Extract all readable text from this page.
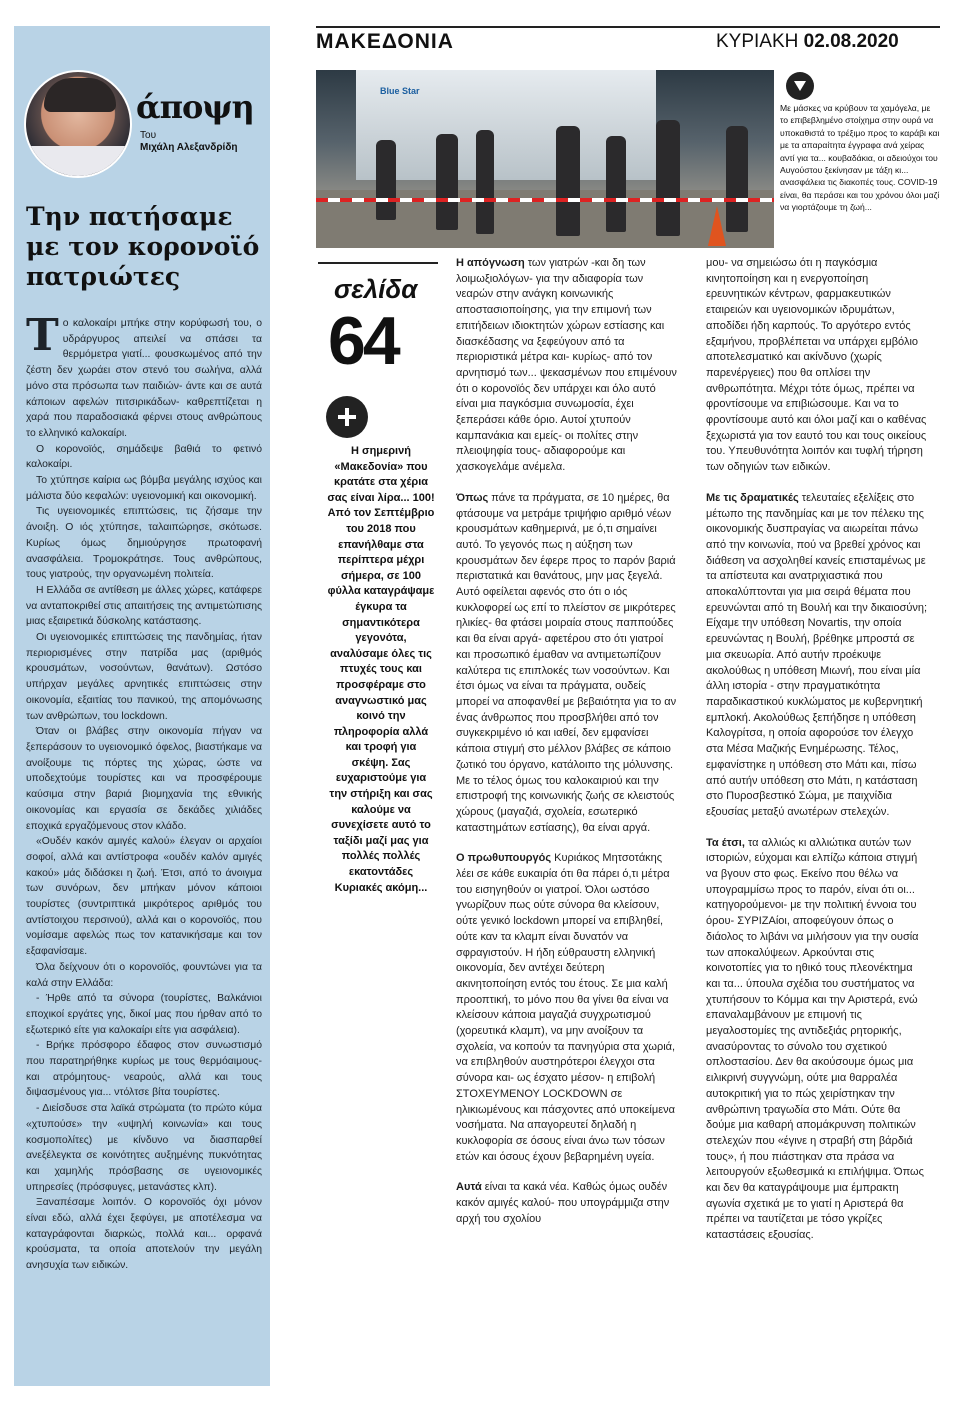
άποψη
Του
Μιχάλη Αλεξανδρίδη
Την πατήσαμε με τον κορονοϊό πατριώτες

Το καλοκαίρι μπήκε στην κορύφωσή του, ο υδράργυρος απειλεί να σπάσει τα θερμόμετρα γιατί... φουσκωμένος από την ζέστη δεν χωράει στον στενό του σωλήνα, αλλά μόνο στα πρόσωπα των παιδιών- άντε και σε αυτά κάποιων αφελών πιτσιρικάδων- καθρεπτίζεται η χαρά που παραδοσιακά φέρνει στους ανθρώπους το ελληνικό καλοκαίρι.

Ο κορονοϊός, σημάδεψε βαθιά το φετινό καλοκαίρι.

Το χτύπησε καίρια ως βόμβα μεγάλης ισχύος και μάλιστα δύο κεφαλών: υγειονομική και οικονομική.

Τις υγειονομικές επιπτώσεις, τις ζήσαμε την άνοιξη. Ο ιός χτύπησε, ταλαιπώρησε, σκότωσε. Κυρίως όμως δημιούργησε πρωτοφανή ανασφάλεια. Τρομοκράτησε. Τους ανθρώπους, τους γιατρούς, την οργανωμένη πολιτεία.

Η Ελλάδα σε αντίθεση με άλλες χώρες, κατάφερε να ανταποκριθεί στις απαιτήσεις της αντιμετώπισης μιας εξαιρετικά δύσκολης κατάστασης.

Οι υγειονομικές επιπτώσεις της πανδημίας, ήταν περιορισμένες στην πατρίδα μας (αριθμός κρουσμάτων, νοσούντων, θανάτων). Ωστόσο υπήρχαν μεγάλες αρνητικές επιπτώσεις στην οικονομία, εξαιτίας του πανικού, της απομόνωσης των ανθρώπων, του lockdown.

Όταν οι βλάβες στην οικονομία πήγαν να ξεπεράσουν το υγειονομικό όφελος, βιαστήκαμε να ανοίξουμε τις πόρτες της χώρας, ώστε να υποδεχτούμε τουρίστες και να προσφέρουμε καύσιμα στην βαριά βιομηχανία της εθνικής οικονομίας και εργασία σε δεκάδες χιλιάδες εποχικά εργαζόμενους στον κλάδο.

«Ουδέν κακόν αμιγές καλού» έλεγαν οι αρχαίοι σοφοί, αλλά και αντίστροφα «ουδέν καλόν αμιγές κακού» μάς διδάσκει η ζωή. Έτσι, από το άνοιγμα των συνόρων, δεν μπήκαν μόνον κάποιοι τουρίστες (συντριπτικά μικρότερος αριθμός του αντίστοιχου περσινού), αλλά και ο κορονοϊός, που νομίσαμε αφελώς πως τον κατανικήσαμε και τον εξαφανίσαμε.

Όλα δείχνουν ότι ο κορονοϊός, φουντώνει για τα καλά στην Ελλάδα:

- Ήρθε από τα σύνορα (τουρίστες, Βαλκάνιοι εποχικοί εργάτες γης, δικοί μας που ήρθαν από το εξωτερικό είτε για καλοκαίρι είτε για ασφάλεια).

- Βρήκε πρόσφορο έδαφος στον συνωστισμό που παρατηρήθηκε κυρίως με τους θερμόαιμους- και ατρόμητους- νεαρούς, αλλά και τους διψασμένους για... ντόλτσε βίτα τουρίστες.

- Διείσδυσε στα λαϊκά στρώματα (το πρώτο κύμα «χτυπούσε» την «υψηλή κοινωνία» και τους κοσμοπολίτες) με κίνδυνο να διασπαρθεί ανεξέλεγκτα σε κοινότητες αυξημένης πυκνότητας και χαμηλής πρόσβασης σε υγειονομικές υπηρεσίες (πρόσφυγες, μετανάστες κλπ).

Ξαναπέσαμε λοιπόν. Ο κορονοϊός όχι μόνον είναι εδώ, αλλά έχει ξεφύγει, με αποτέλεσμα να καταγράφονται διαρκώς, πολλά και... ορφανά κρούσματα, τα οποία αποτελούν την μεγάλη ανησυχία των ειδικών.

ΜΑΚΕΔΟΝΙΑ	ΚΥΡΙΑΚΗ 02.08.2020
Blue Star
Με μάσκες να κρύβουν τα χαμόγελα, με το επιβεβλημένο στοίχημα στην ουρά να υποκαθιστά το τρέξιμο προς το καράβι και με τα απαραίτητα έγγραφα ανά χείρας αντί για τα... κουβαδάκια, οι αδειούχοι του Αυγούστου ξεκίνησαν με τάξη κι... ανασφάλεια τις διακοπές τους. COVID-19 είναι, θα περάσει και του χρόνου όλοι μαζί να γιορτάζουμε τη ζωή...
σελίδα
64
Η σημερινή «Μακεδονία» που κρατάτε στα χέρια σας είναι λίρα... 100! Από τον Σεπτέμβριο του 2018 που επανήλθαμε στα περίπτερα μέχρι σήμερα, σε 100 φύλλα καταγράψαμε έγκυρα τα σημαντικότερα γεγονότα, αναλύσαμε όλες τις πτυχές τους και προσφέραμε στο αναγνωστικό μας κοινό την πληροφορία αλλά και τροφή για σκέψη. Σας ευχαριστούμε για την στήριξη και σας καλούμε να συνεχίσετε αυτό το ταξίδι μαζί μας για πολλές πολλές εκατοντάδες Κυριακές ακόμη...

Η απόγνωση των γιατρών -και δη των λοιμωξιολόγων- για την αδιαφορία των νεαρών στην ανάγκη κοινωνικής αποστασιοποίησης, για την επιμονή των επιτήδειων ιδιοκτητών χώρων εστίασης και διασκέδασης να ξεφεύγουν από τα περιοριστικά μέτρα και- κυρίως- από τον αρνητισμό των... ψεκασμένων που επιμένουν ότι ο κορονοϊός δεν υπάρχει και όλο αυτό είναι μια παγκόσμια συνωμοσία, έχει ξεπεράσει κάθε όριο. Αυτοί χτυπούν καμπανάκια και εμείς- οι πολίτες στην πλειοψηφία τους- αδιαφορούμε και χασκογελάμε ανέμελα.

Όπως πάνε τα πράγματα, σε 10 ημέρες, θα φτάσουμε να μετράμε τριψήφιο αριθμό νέων κρουσμάτων καθημερινά, με ό,τι σημαίνει αυτό. Το γεγονός πως η αύξηση των κρουσμάτων δεν έφερε προς το παρόν βαριά περιστατικά και θανάτους, μην μας ξεγελά. Αυτό οφείλεται αφενός στο ότι ο ιός κυκλοφορεί ως επί το πλείστον σε μικρότερες ηλικίες- θα φτάσει μοιραία στους παππούδες και θα είναι αργά- αφετέρου στο ότι γιατροί και προσωπικό έμαθαν να αντιμετωπίζουν καλύτερα τις επιπλοκές των νοσούντων. Και έτσι όμως να είναι τα πράγματα, ουδείς μπορεί να αποφανθεί με βεβαιότητα για το αν ένας άνθρωπος που προσβλήθει από τον συγκεκριμένο ιό και ιαθεί, δεν εμφανίσει κάποια στιγμή στο μέλλον βλάβες σε κάποιο ζωτικό του όργανο, κατάλοιπο της μόλυνσης. Με το τέλος όμως του καλοκαιριού και την επιστροφή της κοινωνικής ζωής σε κλειστούς χώρους (μαγαζιά, σχολεία, εσωτερικό καταστημάτων εστίασης), θα είναι αργά.

Ο πρωθυπουργός Κυριάκος Μητσοτάκης λέει σε κάθε ευκαιρία ότι θα πάρει ό,τι μέτρα του εισηγηθούν οι γιατροί. Όλοι ωστόσο γνωρίζουν πως ούτε σύνορα θα κλείσουν, ούτε γενικό lockdown μπορεί να επιβληθεί, ούτε καν τα κλαμπ είναι δυνατόν να σφραγιστούν. Η ήδη εύθραυστη ελληνική οικονομία, δεν αντέχει δεύτερη ακινητοποίηση εντός του έτους. Σε μια καλή προοπτική, το μόνο που θα γίνει θα είναι να κλείσουν κάποια μαγαζιά συγχρωτισμού (χορευτικά κλαμπ), να μην ανοίξουν τα σχολεία, να κοπούν τα πανηγύρια στα χωριά, να επιβληθούν αυστηρότεροι έλεγχοι στα σύνορα και- ως έσχατο μέσον- η επιβολή ΣΤΟΧΕΥΜΕΝΟΥ LOCKDOWN σε ηλικιωμένους και πάσχοντες από υποκείμενα νοσήματα. Να απαγορευτεί δηλαδή η κυκλοφορία σε όσους είναι άνω των τόσων ετών και όσους έχουν βεβαρημένη υγεία.

Αυτά είναι τα κακά νέα. Καθώς όμως ουδέν κακόν αμιγές καλού- που υπογράμμιζα στην αρχή του σχολίου

μου- να σημειώσω ότι η παγκόσμια κινητοποίηση και η ενεργοποίηση ερευνητικών κέντρων, φαρμακευτικών εταιρειών και υγειονομικών ιδρυμάτων, αποδίδει ήδη καρπούς. Το αργότερο εντός εξαμήνου, προβλέπεται να υπάρχει εμβόλιο αποτελεσματικό και ακίνδυνο (χωρίς παρενέργειες) που θα οπλίσει την ανθρωπότητα. Μέχρι τότε όμως, πρέπει να φροντίσουμε να επιβιώσουμε. Και να το φροντίσουμε αυτό και όλοι μαζί και ο καθένας ξεχωριστά για τον εαυτό του και τους οικείους του. Υπευθυνότητα λοιπόν και τυφλή τήρηση των οδηγιών των ειδικών.

Με τις δραματικές τελευταίες εξελίξεις στο μέτωπο της πανδημίας και με τον πέλεκυ της οικονομικής δυσπραγίας να αιωρείται πάνω από την κοινωνία, πού να βρεθεί χρόνος και διάθεση να ασχοληθεί κανείς επισταμένως με τα απίστευτα και ανατριχιαστικά που αποκαλύπτονται για μια σειρά θέματα που ερευνώνται από τη Βουλή και την δικαιοσύνη; Είχαμε την υπόθεση Novartis, την οποία ερευνώντας η Βουλή, βρέθηκε μπροστά σε μια σκευωρία. Από αυτήν προέκυψε ακολούθως η υπόθεση Μιωνή, που είναι μία άλλη ιστορία - στην πραγματικότητα παραδικαστικού κυκλώματος με κυβερνητική εμπλοκή. Ακολούθως ξεπήδησε η υπόθεση Καλογρίτσα, η οποία αφορούσε τον έλεγχο στα Μέσα Μαζικής Ενημέρωσης. Τέλος, εμφανίστηκε η υπόθεση στο Μάτι και, πίσω από αυτήν υπόθεση στο Μάτι, η κατάσταση στο Πυροσβεστικό Σώμα, με παιχνίδια εξουσίας μεταξύ ανωτέρων στελεχών.

Τα έτσι, τα αλλιώς κι αλλιώτικα αυτών των ιστοριών, εύχομαι και ελπίζω κάποια στιγμή να βγουν στο φως. Εκείνο που θέλω να υπογραμμίσω προς το παρόν, είναι ότι οι... κατηγορούμενοι- με την πολιτική έννοια του όρου- ΣΥΡΙΖΑίοι, αποφεύγουν όπως ο διάολος το λιβάνι να μιλήσουν για την ουσία των αποκαλύψεων. Αρκούνται στις κοινοτοπίες για το ηθικό τους πλεονέκτημα και τα... ύπουλα σχέδια του συστήματος να χτυπήσουν το Κόμμα και την Αριστερά, ενώ επαναλαμβάνουν με επιμονή τις μεγαλοστομίες της αντιδεξιάς ρητορικής, ανασύροντας το σύνολο του σχετικού οπλοστασίου. Δεν θα ακούσουμε όμως μια ειλικρινή συγγνώμη, ούτε μια θαρραλέα αυτοκριτική για το πώς χειρίστηκαν την ανθρώπινη τραγωδία στο Μάτι. Ούτε θα δούμε μια καθαρή απομάκρυνση πολιτικών στελεχών που «έγινε η στραβή στη βάρδιά τους», ή που πιάστηκαν στα πράσα να λειτουργούν εξωθεσμικά κι επιλήψιμα. Όπως και δεν θα καταγράψουμε μια έμπρακτη αγωνία σχετικά με το γιατί η Αριστερά θα πρέπει να ταυτίζεται με τόσο γκρίζες καταστάσεις εξουσίας.
